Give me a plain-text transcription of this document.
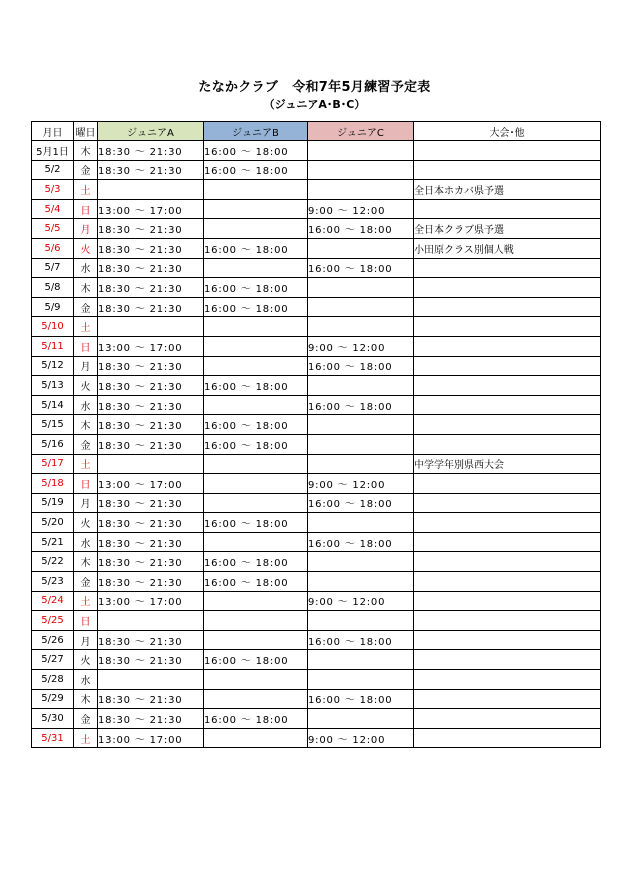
たなかクラブ 令和7年5月練習予定表
（ジュニアA･B･C）
月日	曜日	ジュニアA	ジュニアB	ジュニアC	大会･他
5月1日	木	18:30 ～ 21:30	16:00 ～ 18:00		
5/2	金	18:30 ～ 21:30	16:00 ～ 18:00		
5/3	土				全日本ホカバ県予選
5/4	日	13:00 ～ 17:00		9:00 ～ 12:00	
5/5	月	18:30 ～ 21:30		16:00 ～ 18:00	全日本クラブ県予選
5/6	火	18:30 ～ 21:30	16:00 ～ 18:00		小田原クラス別個人戦
5/7	水	18:30 ～ 21:30		16:00 ～ 18:00	
5/8	木	18:30 ～ 21:30	16:00 ～ 18:00		
5/9	金	18:30 ～ 21:30	16:00 ～ 18:00		
5/10	土				
5/11	日	13:00 ～ 17:00		9:00 ～ 12:00	
5/12	月	18:30 ～ 21:30		16:00 ～ 18:00	
5/13	火	18:30 ～ 21:30	16:00 ～ 18:00		
5/14	水	18:30 ～ 21:30		16:00 ～ 18:00	
5/15	木	18:30 ～ 21:30	16:00 ～ 18:00		
5/16	金	18:30 ～ 21:30	16:00 ～ 18:00		
5/17	土				中学学年別県西大会
5/18	日	13:00 ～ 17:00		9:00 ～ 12:00	
5/19	月	18:30 ～ 21:30		16:00 ～ 18:00	
5/20	火	18:30 ～ 21:30	16:00 ～ 18:00		
5/21	水	18:30 ～ 21:30		16:00 ～ 18:00	
5/22	木	18:30 ～ 21:30	16:00 ～ 18:00		
5/23	金	18:30 ～ 21:30	16:00 ～ 18:00		
5/24	土	13:00 ～ 17:00		9:00 ～ 12:00	
5/25	日				
5/26	月	18:30 ～ 21:30		16:00 ～ 18:00	
5/27	火	18:30 ～ 21:30	16:00 ～ 18:00		
5/28	水				
5/29	木	18:30 ～ 21:30		16:00 ～ 18:00	
5/30	金	18:30 ～ 21:30	16:00 ～ 18:00		
5/31	土	13:00 ～ 17:00		9:00 ～ 12:00	
